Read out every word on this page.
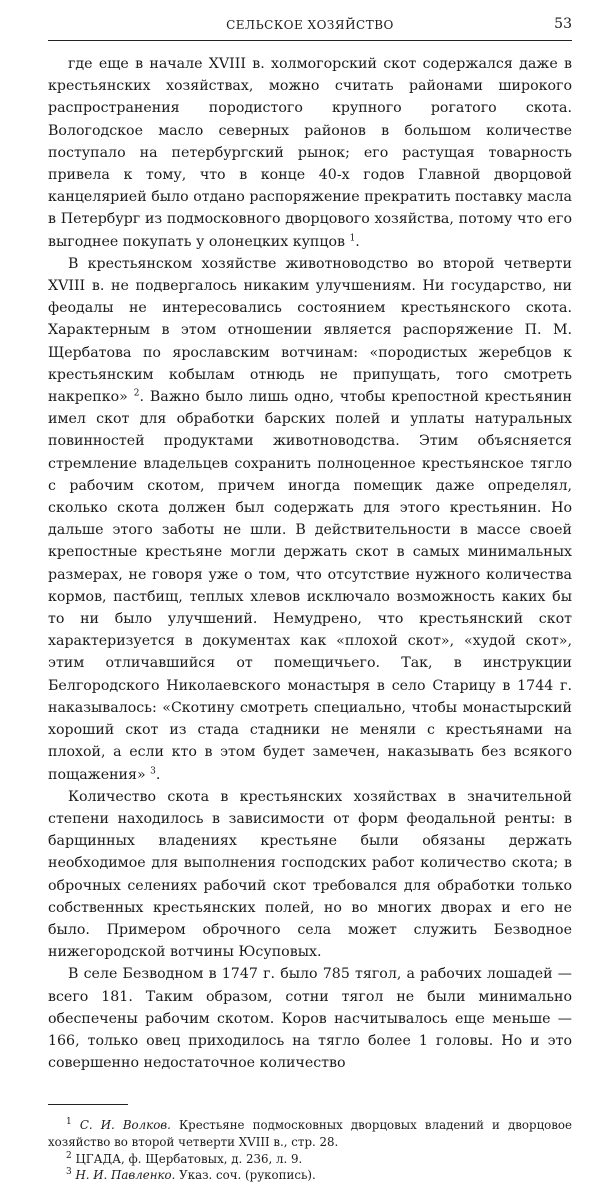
СЕЛЬСКОЕ ХОЗЯЙСТВО	53

где еще в начале XVIII в. холмогорский скот содержался даже в крестьянских хозяйствах, можно считать районами широкого распространения породистого крупного рогатого скота. Вологодское масло северных районов в большом количестве поступало на петербургский рынок; его растущая товарность привела к тому, что в конце 40-х годов Главной дворцовой канцелярией было отдано распоряжение прекратить поставку масла в Петербург из подмосковного дворцового хозяйства, потому что его выгоднее покупать у олонецких купцов $^1$.

В крестьянском хозяйстве животноводство во второй четверти XVIII в. не подвергалось никаким улучшениям. Ни государство, ни феодалы не интересовались состоянием крестьянского скота. Характерным в этом отношении является распоряжение П. М. Щербатова по ярославским вотчинам: «породистых жеребцов к крестьянским кобылам отнюдь не припущать, того смотреть накрепко» $^2$. Важно было лишь одно, чтобы крепостной крестьянин имел скот для обработки барских полей и уплаты натуральных повинностей продуктами животноводства. Этим объясняется стремление владельцев сохранить полноценное крестьянское тягло с рабочим скотом, причем иногда помещик даже определял, сколько скота должен был содержать для этого крестьянин. Но дальше этого заботы не шли. В действительности в массе своей крепостные крестьяне могли держать скот в самых минимальных размерах, не говоря уже о том, что отсутствие нужного количества кормов, пастбищ, теплых хлевов исключало возможность каких бы то ни было улучшений. Немудрено, что крестьянский скот характеризуется в документах как «плохой скот», «худой скот», этим отличавшийся от помещичьего. Так, в инструкции Белгородского Николаевского монастыря в село Старицу в 1744 г. наказывалось: «Скотину смотреть специально, чтобы монастырский хороший скот из стада стадники не меняли с крестьянами на плохой, а если кто в этом будет замечен, наказывать без всякого пощажения» $^3$.

Количество скота в крестьянских хозяйствах в значительной степени находилось в зависимости от форм феодальной ренты: в барщинных владениях крестьяне были обязаны держать необходимое для выполнения господских работ количество скота; в оброчных селениях рабочий скот требовался для обработки только собственных крестьянских полей, но во многих дворах и его не было. Примером оброчного села может служить Безводное нижегородской вотчины Юсуповых.

В селе Безводном в 1747 г. было 785 тягол, а рабочих лошадей — всего 181. Таким образом, сотни тягол не были минимально обеспечены рабочим скотом. Коров насчитывалось еще меньше — 166, только овец приходилось на тягло более 1 головы. Но и это совершенно недостаточное количество

$^1$ С. И. Волков. Крестьяне подмосковных дворцовых владений и дворцовое хозяйство во второй четверти XVIII в., стр. 28.

$^2$ ЦГАДА, ф. Щербатовых, д. 236, л. 9.

$^3$ Н. И. Павленко. Указ. соч. (рукопись).
